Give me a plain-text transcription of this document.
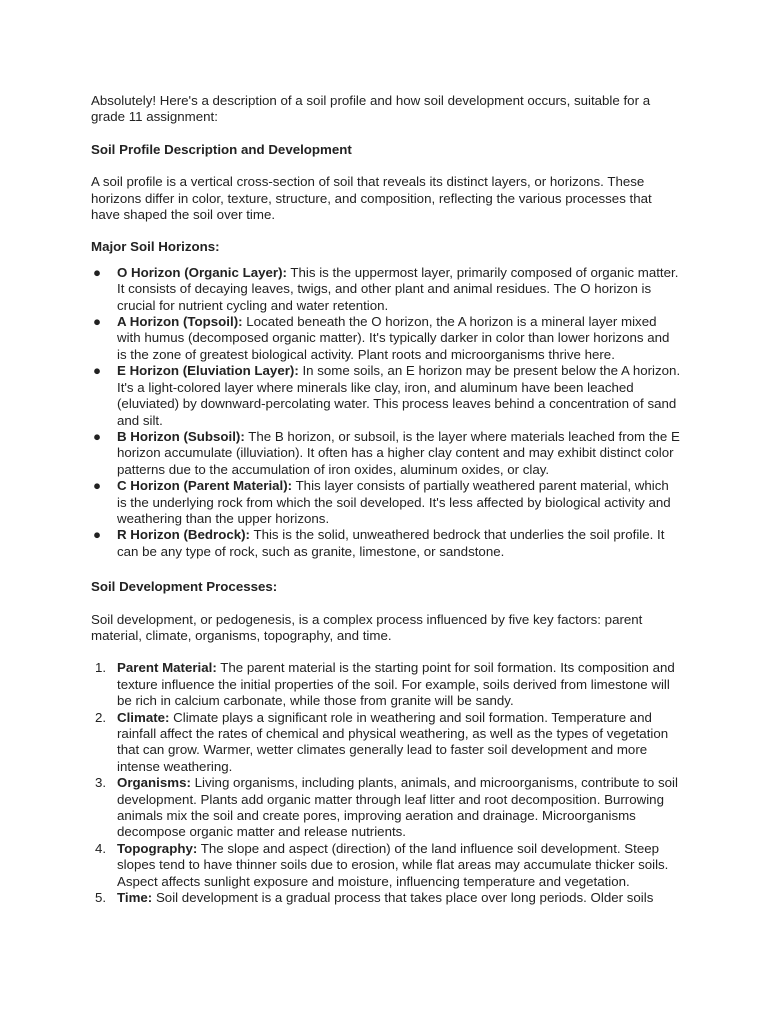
Absolutely! Here's a description of a soil profile and how soil development occurs, suitable for a grade 11 assignment:

Soil Profile Description and Development

A soil profile is a vertical cross-section of soil that reveals its distinct layers, or horizons. These horizons differ in color, texture, structure, and composition, reflecting the various processes that have shaped the soil over time.

Major Soil Horizons:

● O Horizon (Organic Layer): This is the uppermost layer, primarily composed of organic matter. It consists of decaying leaves, twigs, and other plant and animal residues. The O horizon is crucial for nutrient cycling and water retention.
● A Horizon (Topsoil): Located beneath the O horizon, the A horizon is a mineral layer mixed with humus (decomposed organic matter). It's typically darker in color than lower horizons and is the zone of greatest biological activity. Plant roots and microorganisms thrive here.
● E Horizon (Eluviation Layer): In some soils, an E horizon may be present below the A horizon. It's a light-colored layer where minerals like clay, iron, and aluminum have been leached (eluviated) by downward-percolating water. This process leaves behind a concentration of sand and silt.
● B Horizon (Subsoil): The B horizon, or subsoil, is the layer where materials leached from the E horizon accumulate (illuviation). It often has a higher clay content and may exhibit distinct color patterns due to the accumulation of iron oxides, aluminum oxides, or clay.
● C Horizon (Parent Material): This layer consists of partially weathered parent material, which is the underlying rock from which the soil developed. It's less affected by biological activity and weathering than the upper horizons.
● R Horizon (Bedrock): This is the solid, unweathered bedrock that underlies the soil profile. It can be any type of rock, such as granite, limestone, or sandstone.

Soil Development Processes:

Soil development, or pedogenesis, is a complex process influenced by five key factors: parent material, climate, organisms, topography, and time.

1. Parent Material: The parent material is the starting point for soil formation. Its composition and texture influence the initial properties of the soil. For example, soils derived from limestone will be rich in calcium carbonate, while those from granite will be sandy.
2. Climate: Climate plays a significant role in weathering and soil formation. Temperature and rainfall affect the rates of chemical and physical weathering, as well as the types of vegetation that can grow. Warmer, wetter climates generally lead to faster soil development and more intense weathering.
3. Organisms: Living organisms, including plants, animals, and microorganisms, contribute to soil development. Plants add organic matter through leaf litter and root decomposition. Burrowing animals mix the soil and create pores, improving aeration and drainage. Microorganisms decompose organic matter and release nutrients.
4. Topography: The slope and aspect (direction) of the land influence soil development. Steep slopes tend to have thinner soils due to erosion, while flat areas may accumulate thicker soils. Aspect affects sunlight exposure and moisture, influencing temperature and vegetation.
5. Time: Soil development is a gradual process that takes place over long periods. Older soils
